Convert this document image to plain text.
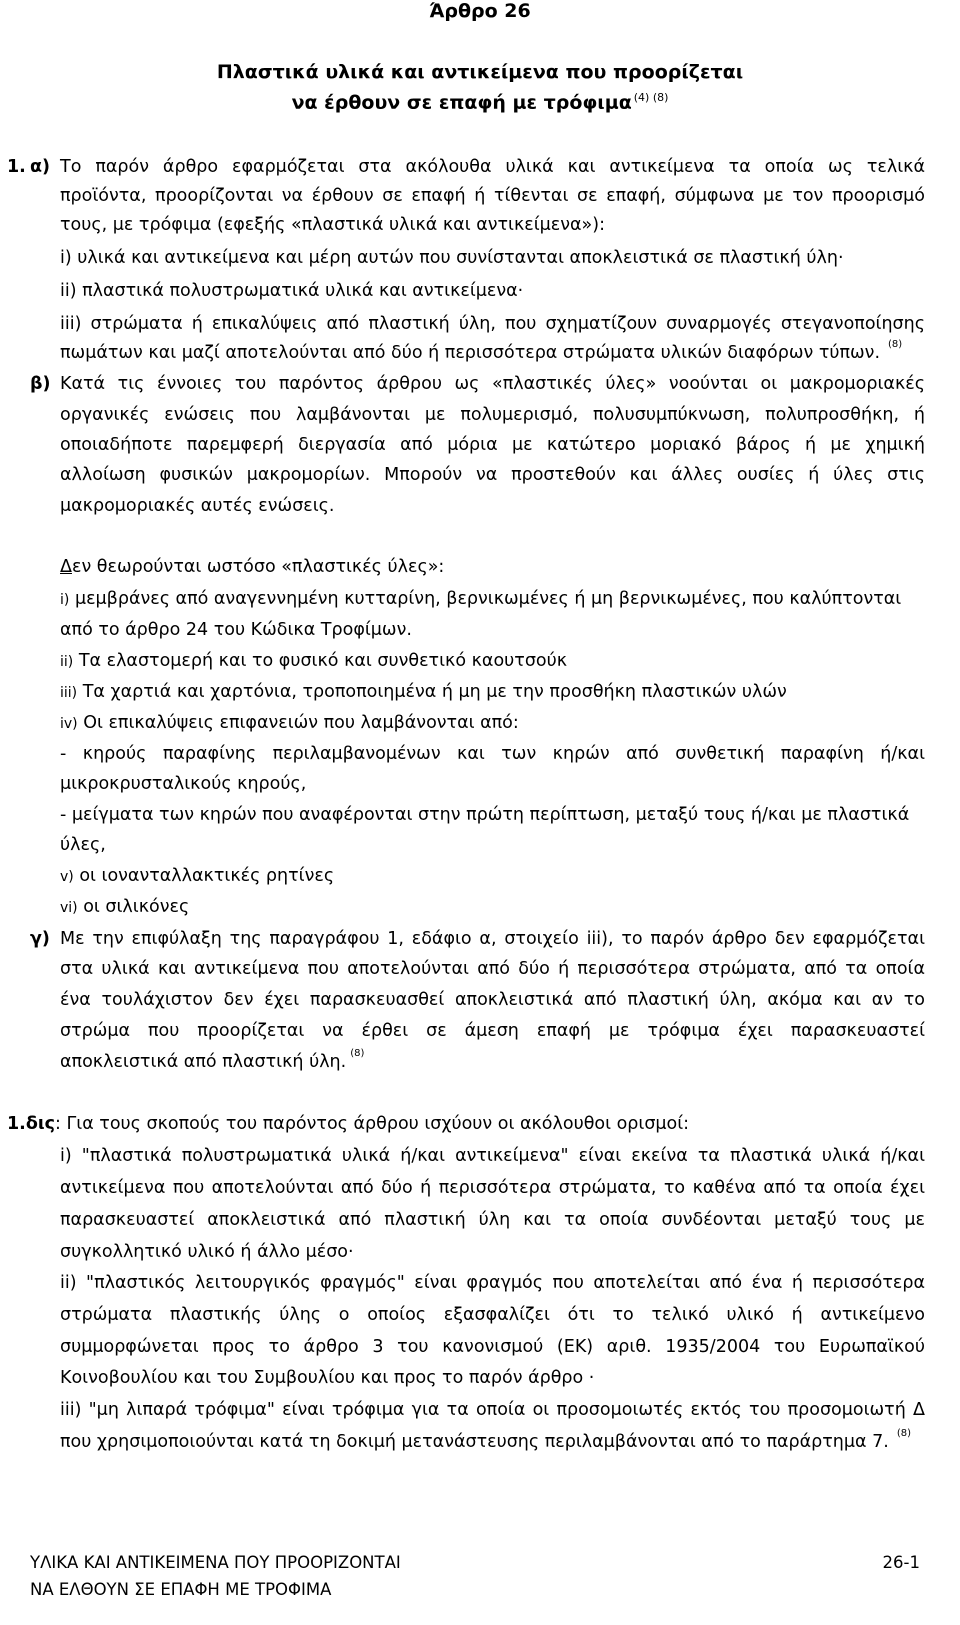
Άρθρο 26
Πλαστικά υλικά και αντικείμενα που προορίζεται
να έρθουν σε επαφή με τρόφιμα $^{(4) (8)}$
1. α) Το παρόν άρθρο εφαρμόζεται στα ακόλουθα υλικά και αντικείμενα τα οποία ως τελικά
προϊόντα, προορίζονται να έρθουν σε επαφή ή τίθενται σε επαφή, σύμφωνα με τον προορισμό
τους, με τρόφιμα (εφεξής «πλαστικά υλικά και αντικείμενα»):
i) υλικά και αντικείμενα και μέρη αυτών που συνίστανται αποκλειστικά σε πλαστική ύλη·
ii) πλαστικά πολυστρωματικά υλικά και αντικείμενα·
iii) στρώματα ή επικαλύψεις από πλαστική ύλη, που σχηματίζουν συναρμογές στεγανοποίησης
πωμάτων και μαζί αποτελούνται από δύο ή περισσότερα στρώματα υλικών διαφόρων τύπων. $^{(8)}$
β) Κατά τις έννοιες του παρόντος άρθρου ως «πλαστικές ύλες» νοούνται οι μακρομοριακές
οργανικές ενώσεις που λαμβάνονται με πολυμερισμό, πολυσυμπύκνωση, πολυπροσθήκη, ή
οποιαδήποτε παρεμφερή διεργασία από μόρια με κατώτερο μοριακό βάρος ή με χημική
αλλοίωση φυσικών μακρομορίων. Μπορούν να προστεθούν και άλλες ουσίες ή ύλες στις
μακρομοριακές αυτές ενώσεις.
Δεν θεωρούνται ωστόσο «πλαστικές ύλες»:
i) μεμβράνες από αναγεννημένη κυτταρίνη, βερνικωμένες ή μη βερνικωμένες, που καλύπτονται
από το άρθρο 24 του Κώδικα Τροφίμων.
ii) Τα ελαστομερή και το φυσικό και συνθετικό καουτσούκ
iii) Τα χαρτιά και χαρτόνια, τροποποιημένα ή μη με την προσθήκη πλαστικών υλών
iv) Οι επικαλύψεις επιφανειών που λαμβάνονται από:
- κηρούς παραφίνης περιλαμβανομένων και των κηρών από συνθετική παραφίνη ή/και
μικροκρυσταλικούς κηρούς,
- μείγματα των κηρών που αναφέρονται στην πρώτη περίπτωση, μεταξύ τους ή/και με πλαστικά
ύλες,
v) οι ιονανταλλακτικές ρητίνες
vi) οι σιλικόνες
γ) Με την επιφύλαξη της παραγράφου 1, εδάφιο α, στοιχείο iii), το παρόν άρθρο δεν εφαρμόζεται
στα υλικά και αντικείμενα που αποτελούνται από δύο ή περισσότερα στρώματα, από τα οποία
ένα τουλάχιστον δεν έχει παρασκευασθεί αποκλειστικά από πλαστική ύλη, ακόμα και αν το
στρώμα που προορίζεται να έρθει σε άμεση επαφή με τρόφιμα έχει παρασκευαστεί
αποκλειστικά από πλαστική ύλη. $^{(8)}$
1.δις: Για τους σκοπούς του παρόντος άρθρου ισχύουν οι ακόλουθοι ορισμοί:
i) "πλαστικά πολυστρωματικά υλικά ή/και αντικείμενα" είναι εκείνα τα πλαστικά υλικά ή/και
αντικείμενα που αποτελούνται από δύο ή περισσότερα στρώματα, το καθένα από τα οποία έχει
παρασκευαστεί αποκλειστικά από πλαστική ύλη και τα οποία συνδέονται μεταξύ τους με
συγκολλητικό υλικό ή άλλο μέσο·
ii) "πλαστικός λειτουργικός φραγμός" είναι φραγμός που αποτελείται από ένα ή περισσότερα
στρώματα πλαστικής ύλης ο οποίος εξασφαλίζει ότι το τελικό υλικό ή αντικείμενο
συμμορφώνεται προς το άρθρο 3 του κανονισμού (ΕΚ) αριθ. 1935/2004 του Ευρωπαϊκού
Κοινοβουλίου και του Συμβουλίου και προς το παρόν άρθρο ·
iii) "μη λιπαρά τρόφιμα" είναι τρόφιμα για τα οποία οι προσομοιωτές εκτός του προσομοιωτή Δ
που χρησιμοποιούνται κατά τη δοκιμή μετανάστευσης περιλαμβάνονται από το παράρτημα 7. $^{(8)}$
ΥΛΙΚΑ ΚΑΙ ΑΝΤΙΚΕΙΜΕΝΑ ΠΟΥ ΠΡΟΟΡΙΖΟΝΤΑΙ
ΝΑ ΕΛΘΟΥΝ ΣΕ ΕΠΑΦΗ ΜΕ ΤΡΟΦΙΜΑ
26-1
